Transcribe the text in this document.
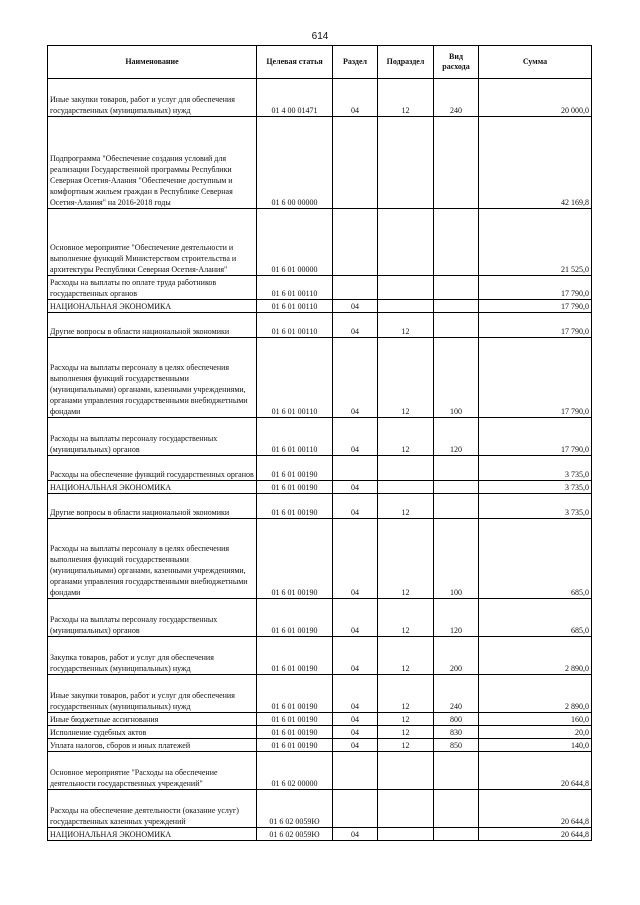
614
Наименование	Целевая статья	Раздел	Подраздел	Вид расхода	Сумма
Иные закупки товаров, работ и услуг для обеспечения государственных (муниципальных) нужд	01 4 00 01471	04	12	240	20 000,0
Подпрограмма "Обеспечение создания условий для реализации Государственной программы Республики Северная Осетия-Алания "Обеспечение доступным и комфортным жильем граждан в Республике Северная Осетия-Алания" на 2016-2018 годы	01 6 00 00000				42 169,8
Основное мероприятие "Обеспечение деятельности и выполнение функций Министерством строительства и архитектуры Республики Северная Осетия-Алания"	01 6 01 00000				21 525,0
Расходы на выплаты по оплате труда работников государственных органов	01 6 01 00110				17 790,0
НАЦИОНАЛЬНАЯ ЭКОНОМИКА	01 6 01 00110	04			17 790,0
Другие вопросы в области национальной экономики	01 6 01 00110	04	12		17 790,0
Расходы на выплаты персоналу в целях обеспечения выполнения функций государственными (муниципальными) органами, казенными учреждениями, органами управления государственными внебюджетными фондами	01 6 01 00110	04	12	100	17 790,0
Расходы на выплаты персоналу государственных (муниципальных) органов	01 6 01 00110	04	12	120	17 790,0
Расходы на обеспечение функций государственных органов	01 6 01 00190				3 735,0
НАЦИОНАЛЬНАЯ ЭКОНОМИКА	01 6 01 00190	04			3 735,0
Другие вопросы в области национальной экономики	01 6 01 00190	04	12		3 735,0
Расходы на выплаты персоналу в целях обеспечения выполнения функций государственными (муниципальными) органами, казенными учреждениями, органами управления государственными внебюджетными фондами	01 6 01 00190	04	12	100	685,0
Расходы на выплаты персоналу государственных (муниципальных) органов	01 6 01 00190	04	12	120	685,0
Закупка товаров, работ и услуг для обеспечения государственных (муниципальных) нужд	01 6 01 00190	04	12	200	2 890,0
Иные закупки товаров, работ и услуг для обеспечения государственных (муниципальных) нужд	01 6 01 00190	04	12	240	2 890,0
Иные бюджетные ассигнования	01 6 01 00190	04	12	800	160,0
Исполнение судебных актов	01 6 01 00190	04	12	830	20,0
Уплата налогов, сборов и иных платежей	01 6 01 00190	04	12	850	140,0
Основное мероприятие "Расходы на обеспечение деятельности государственных учреждений"	01 6 02 00000				20 644,8
Расходы на обеспечение деятельности (оказание услуг) государственных казенных учреждений	01 6 02 0059Ю				20 644,8
НАЦИОНАЛЬНАЯ ЭКОНОМИКА	01 6 02 0059Ю	04			20 644,8
